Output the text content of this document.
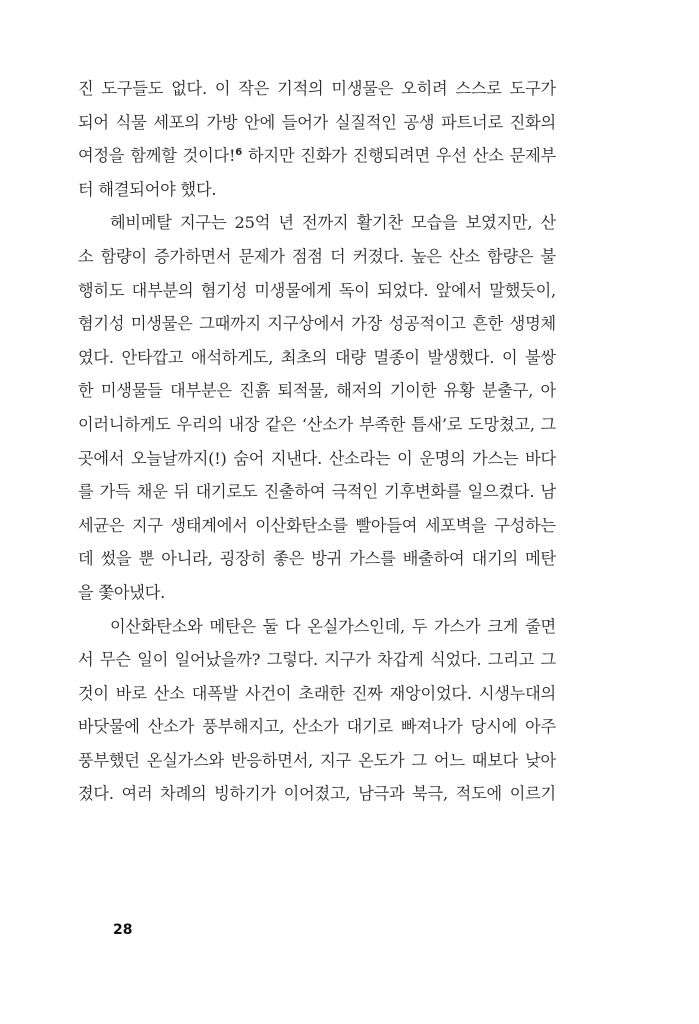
진 도구들도 없다. 이 작은 기적의 미생물은 오히려 스스로 도구가
되어 식물 세포의 가방 안에 들어가 실질적인 공생 파트너로 진화의
여정을 함께할 것이다!$^6$ 하지만 진화가 진행되려면 우선 산소 문제부
터 해결되어야 했다.
헤비메탈 지구는 25억 년 전까지 활기찬 모습을 보였지만, 산
소 함량이 증가하면서 문제가 점점 더 커졌다. 높은 산소 함량은 불
행히도 대부분의 혐기성 미생물에게 독이 되었다. 앞에서 말했듯이,
혐기성 미생물은 그때까지 지구상에서 가장 성공적이고 흔한 생명체
였다. 안타깝고 애석하게도, 최초의 대량 멸종이 발생했다. 이 불쌍
한 미생물들 대부분은 진흙 퇴적물, 해저의 기이한 유황 분출구, 아
이러니하게도 우리의 내장 같은 ‘산소가 부족한 틈새’로 도망쳤고, 그
곳에서 오늘날까지(!) 숨어 지낸다. 산소라는 이 운명의 가스는 바다
를 가득 채운 뒤 대기로도 진출하여 극적인 기후변화를 일으켰다. 남
세균은 지구 생태계에서 이산화탄소를 빨아들여 세포벽을 구성하는
데 썼을 뿐 아니라, 굉장히 좋은 방귀 가스를 배출하여 대기의 메탄
을 쫓아냈다.
이산화탄소와 메탄은 둘 다 온실가스인데, 두 가스가 크게 줄면
서 무슨 일이 일어났을까? 그렇다. 지구가 차갑게 식었다. 그리고 그
것이 바로 산소 대폭발 사건이 초래한 진짜 재앙이었다. 시생누대의
바닷물에 산소가 풍부해지고, 산소가 대기로 빠져나가 당시에 아주
풍부했던 온실가스와 반응하면서, 지구 온도가 그 어느 때보다 낮아
졌다. 여러 차례의 빙하기가 이어졌고, 남극과 북극, 적도에 이르기
28
